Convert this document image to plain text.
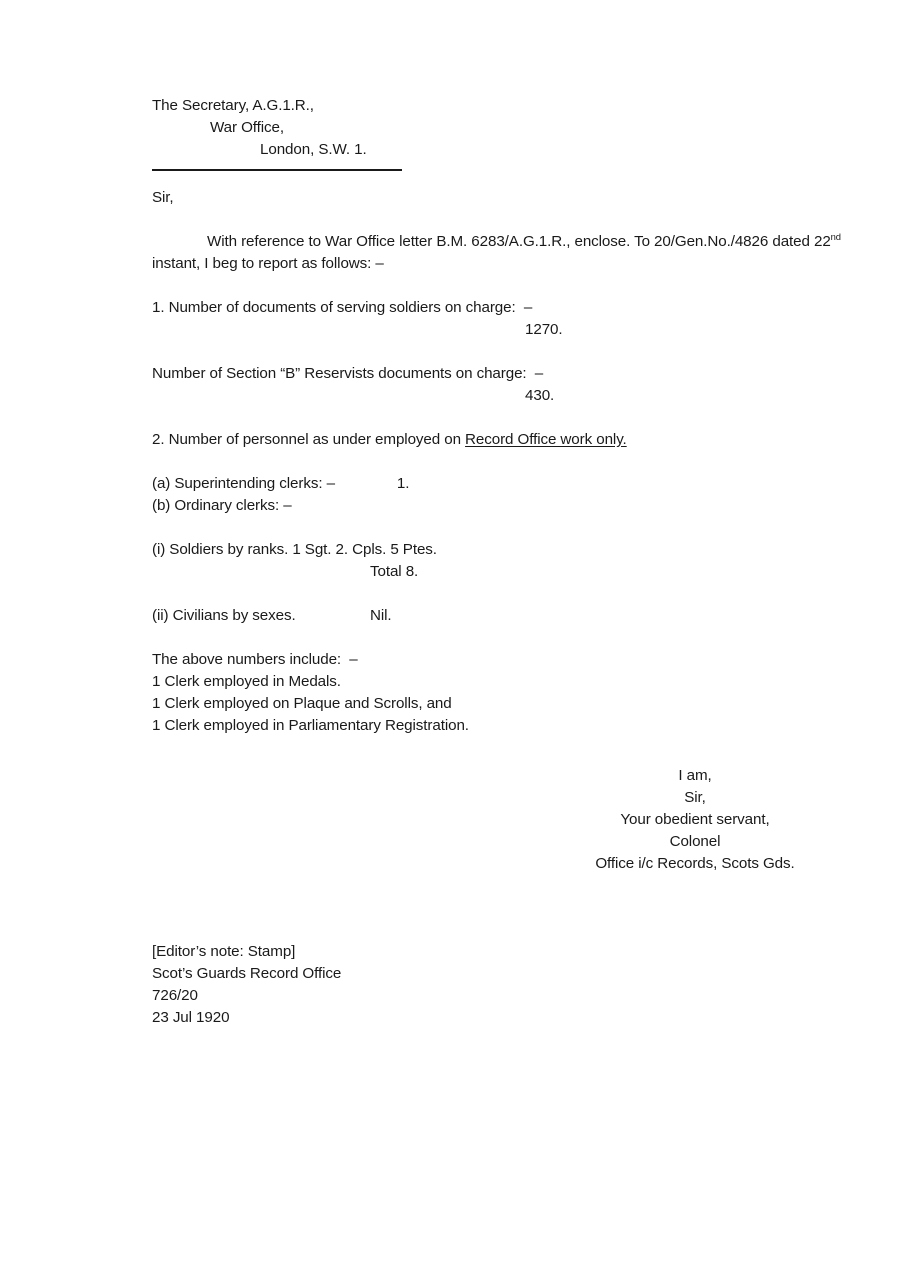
The Secretary, A.G.1.R.,
War Office,
London, S.W. 1.
Sir,
With reference to War Office letter B.M. 6283/A.G.1.R., enclose. To 20/Gen.No./4826 dated 22nd instant, I beg to report as follows: –
1. Number of documents of serving soldiers on charge:  –
1270.
Number of Section “B” Reservists documents on charge:  –
430.
2. Number of personnel as under employed on Record Office work only.
(a) Superintending clerks: –	1.
(b) Ordinary clerks: –
(i) Soldiers by ranks. 1 Sgt. 2. Cpls. 5 Ptes.
Total 8.
(ii) Civilians by sexes.	Nil.
The above numbers include:  –
1 Clerk employed in Medals.
1 Clerk employed on Plaque and Scrolls, and
1 Clerk employed in Parliamentary Registration.
I am,
Sir,
Your obedient servant,
Colonel
Office i/c Records, Scots Gds.
[Editor’s note: Stamp]
Scot’s Guards Record Office
726/20
23 Jul 1920
